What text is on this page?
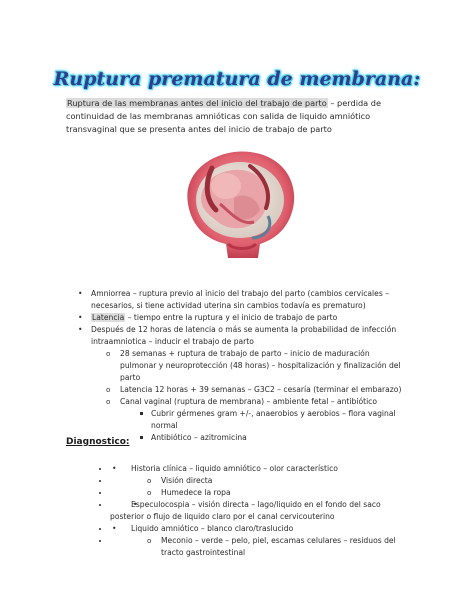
Ruptura prematura de membrana:
Ruptura de las membranas antes del inicio del trabajo de parto – perdida de continuidad de las membranas amnióticas con salida de liquido amniótico transvaginal que se presenta antes del inicio de trabajo de parto
• Amniorrea – ruptura previo al inicio del trabajo del parto (cambios cervicales – necesarios, si tiene actividad uterina sin cambios todavía es prematuro)
• Latencia – tiempo entre la ruptura y el inicio de trabajo de parto
• Después de 12 horas de latencia o más se aumenta la probabilidad de infección intraamniotica – inducir el trabajo de parto
o 28 semanas + ruptura de trabajo de parto – inicio de maduración pulmonar y neuroprotección (48 horas) – hospitalización y finalización del parto
o Latencia 12 horas + 39 semanas – G3C2 – cesaría (terminar el embarazo)
o Canal vaginal (ruptura de membrana) – ambiente fetal – antibiótico
Cubrir gérmenes gram +/-, anaerobios y aerobios – flora vaginal normal
Antibiótico – azitromicina
Diagnostico:
• • Historia clínica – liquido amniótico – olor característico
o • Visión directa
o • Humedece la ropa
• • Especulocospia – visión directa – lago/liquido en el fondo del saco posterior o flujo de liquido claro por el canal cervicouterino
• • Liquido amniótico – blanco claro/traslucido
o • Meconio – verde – pelo, piel, escamas celulares – residuos del tracto gastrointestinal
